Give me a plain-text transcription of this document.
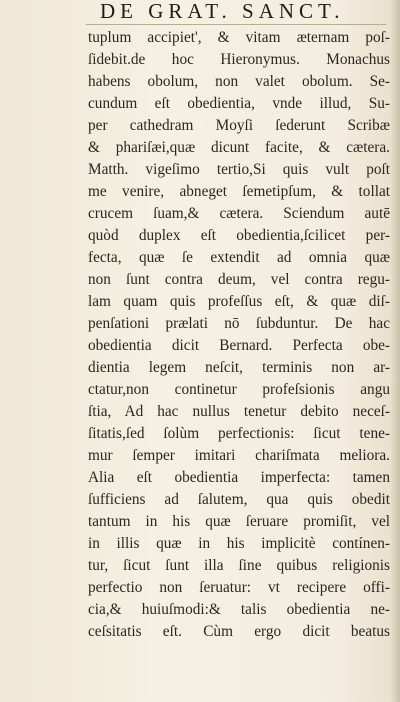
DE GRAT. SANCT.
tuplum accipiet', & vitam æternam poſ-
ſidebit.de hoc Hieronymus. Monachus
habens obolum, non valet obolum. Se-
cundum eſt obedientia, vnde illud, Su-
per cathedram Moyſi ſederunt Scribæ
& phariſæi,quæ dicunt facite, & cætera.
Matth. vigeſimo tertio,Si quis vult poſt
me venire, abneget ſemetipſum, & tollat
crucem ſuam,& cætera. Sciendum autē
quòd duplex eſt obedientia,ſcilicet per-
fecta, quæ ſe extendit ad omnia quæ
non ſunt contra deum, vel contra regu-
lam quam quis profeſſus eſt, & quæ diſ-
penſationi prælati nō ſubduntur. De hac
obedientia dicit Bernard. Perfecta obe-
dientia legem neſcit, terminis non ar-
ctatur,non continetur profeſsionis angu
ſtia, Ad hac nullus tenetur debito neceſ-
ſitatis,ſed ſolùm perfectionis: ſicut tene-
mur ſemper imitari chariſmata meliora.
Alia eſt obedientia imperfecta: tamen
ſufficiens ad ſalutem, qua quis obedit
tantum in his quæ ſeruare promiſit, vel
in illis quæ in his implicitè contínen-
tur, ſicut ſunt illa ſine quibus religionis
perfectio non ſeruatur: vt recipere offi-
cia,& huiuſmodi:& talis obedientia ne-
ceſsitatis eſt. Cùm ergo dicit beatus
